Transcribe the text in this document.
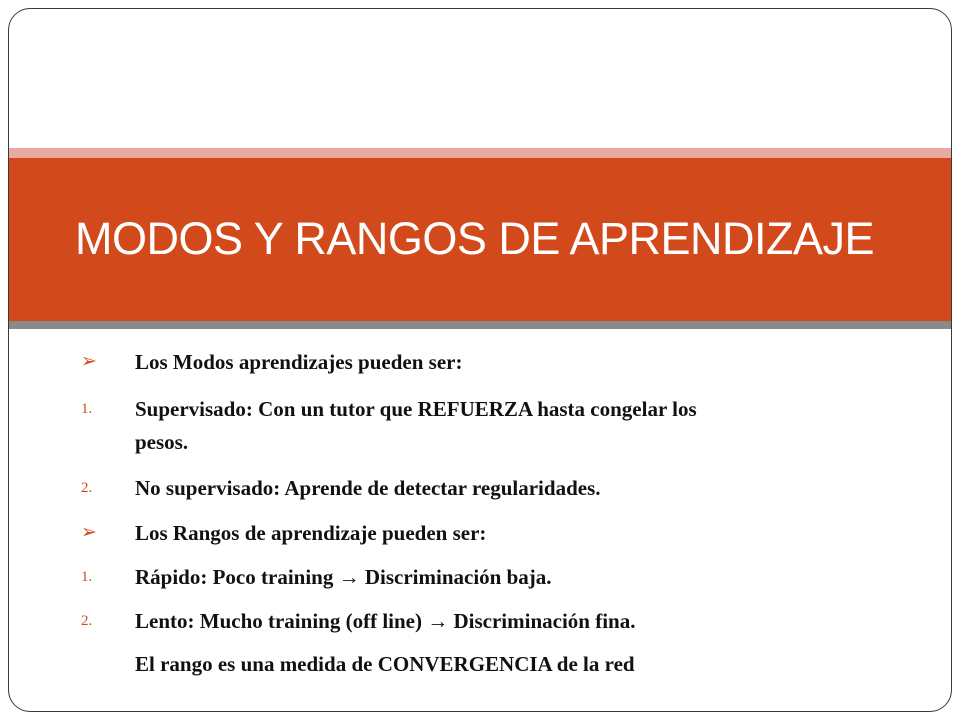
MODOS Y RANGOS DE APRENDIZAJE
➢	Los Modos aprendizajes pueden ser:
1.	Supervisado: Con un tutor que REFUERZA hasta congelar los
pesos.
2.	No supervisado: Aprende de detectar regularidades.
➢	Los Rangos de aprendizaje pueden ser:
1.	Rápido: Poco training → Discriminación baja.
2.	Lento: Mucho training (off line) → Discriminación fina.
El rango es una medida de CONVERGENCIA de la red
